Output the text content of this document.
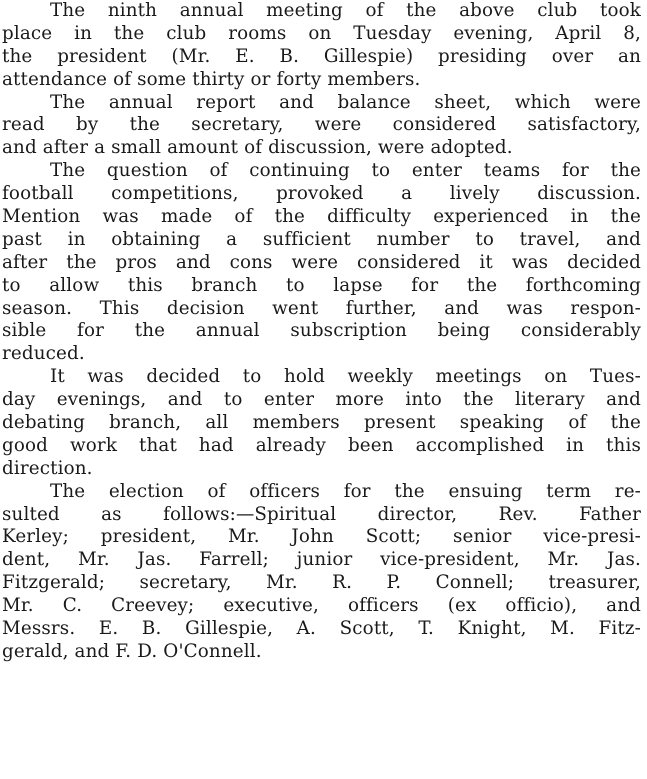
The ninth annual meeting of the above club took
place in the club rooms on Tuesday evening, April 8,
the president (Mr. E. B. Gillespie) presiding over an
attendance of some thirty or forty members.
The annual report and balance sheet, which were
read by the secretary, were considered satisfactory,
and after a small amount of discussion, were adopted.
The question of continuing to enter teams for the
football competitions, provoked a lively discussion.
Mention was made of the difficulty experienced in the
past in obtaining a sufficient number to travel, and
after the pros and cons were considered it was decided
to allow this branch to lapse for the forthcoming
season. This decision went further, and was respon-
sible for the annual subscription being considerably
reduced.
It was decided to hold weekly meetings on Tues-
day evenings, and to enter more into the literary and
debating branch, all members present speaking of the
good work that had already been accomplished in this
direction.
The election of officers for the ensuing term re-
sulted as follows:—Spiritual director, Rev. Father
Kerley; president, Mr. John Scott; senior vice-presi-
dent, Mr. Jas. Farrell; junior vice-president, Mr. Jas.
Fitzgerald; secretary, Mr. R. P. Connell; treasurer,
Mr. C. Creevey; executive, officers (ex officio), and
Messrs. E. B. Gillespie, A. Scott, T. Knight, M. Fitz-
gerald, and F. D. O'Connell.
